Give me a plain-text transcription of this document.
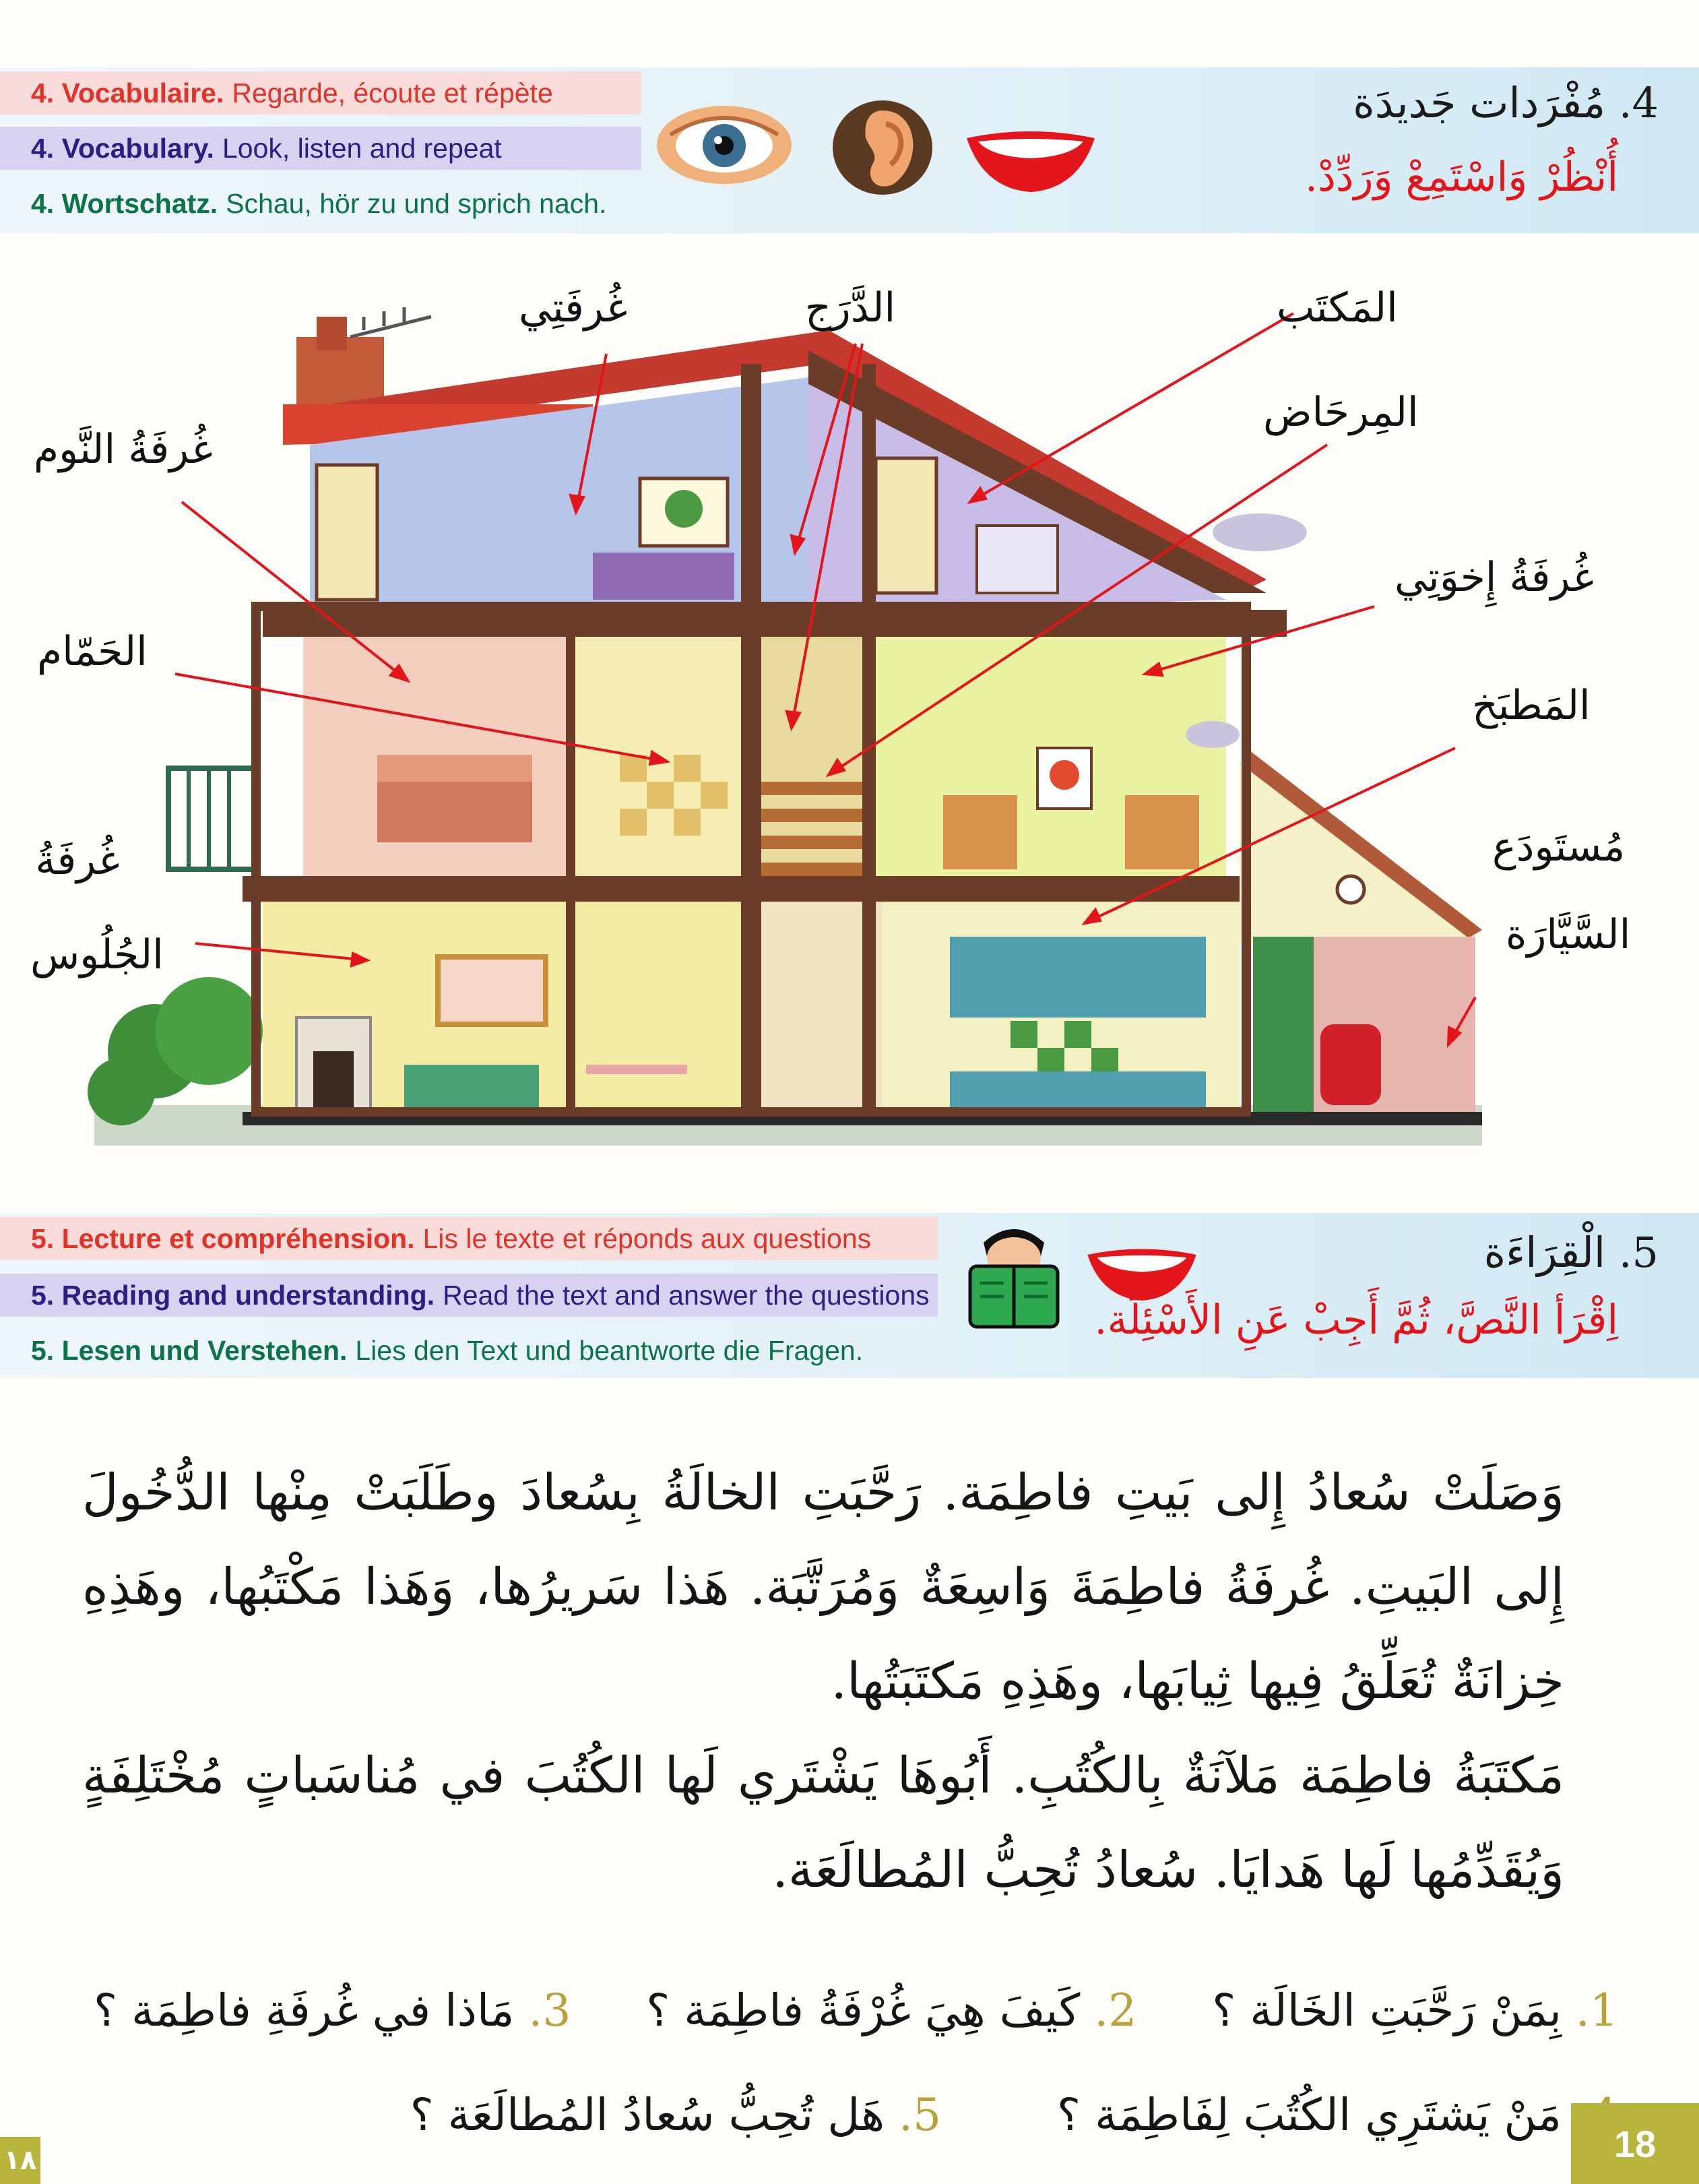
4. Vocabulaire. Regarde, écoute et répète
4. Vocabulary. Look, listen and repeat
4. Wortschatz. Schau, hör zu und sprich nach.
4. مُفْرَدات جَديدَة
أُنْظُرْ وَاسْتَمِعْ وَرَدِّدْ.
غُرفَتِي	الدَّرَج	المَكتَب
المِرحَاض
غُرفَةُ النَّوم
غُرفَةُ إِخوَتِي
الحَمّام
المَطبَخ
غُرفَةُ
الجُلُوس
مُستَودَع
السَّيَّارَة
5. Lecture et compréhension. Lis le texte et réponds aux questions
5. Reading and understanding. Read the text and answer the questions
5. Lesen und Verstehen. Lies den Text und beantworte die Fragen.
5. الْقِرَاءَة
اِقْرَأ النَّصَّ، ثُمَّ أَجِبْ عَنِ الأَسْئِلَة.

وَصَلَتْ سُعادُ إِلى بَيتِ فاطِمَة. رَحَّبَتِ الخالَةُ بِسُعادَ وطَلَبَتْ مِنْها الدُّخُولَ إِلى البَيتِ. غُرفَةُ فاطِمَةَ وَاسِعَةٌ وَمُرَتَّبَة. هَذا سَريرُها، وَهَذا مَكْتَبُها، وهَذِهِ خِزانَةٌ تُعَلِّقُ فِيها ثِيابَها، وهَذِهِ مَكتَبَتُها.

مَكتَبَةُ فاطِمَة مَلآنَةٌ بِالكُتُبِ. أَبُوهَا يَشْتَري لَها الكُتُبَ في مُناسَباتٍ مُخْتَلِفَةٍ وَيُقَدِّمُها لَها هَدايَا. سُعادُ تُحِبُّ المُطالَعَة.

1. بِمَنْ رَحَّبَتِ الخَالَة ؟  2. كَيفَ هِيَ غُرْفَةُ فاطِمَة ؟  3. مَاذا في غُرفَةِ فاطِمَة ؟
مَنْ يَشتَرِي الكُتُبَ لِفَاطِمَة ؟  5. هَل تُحِبُّ سُعادُ المُطالَعَة ؟
18
١٨
